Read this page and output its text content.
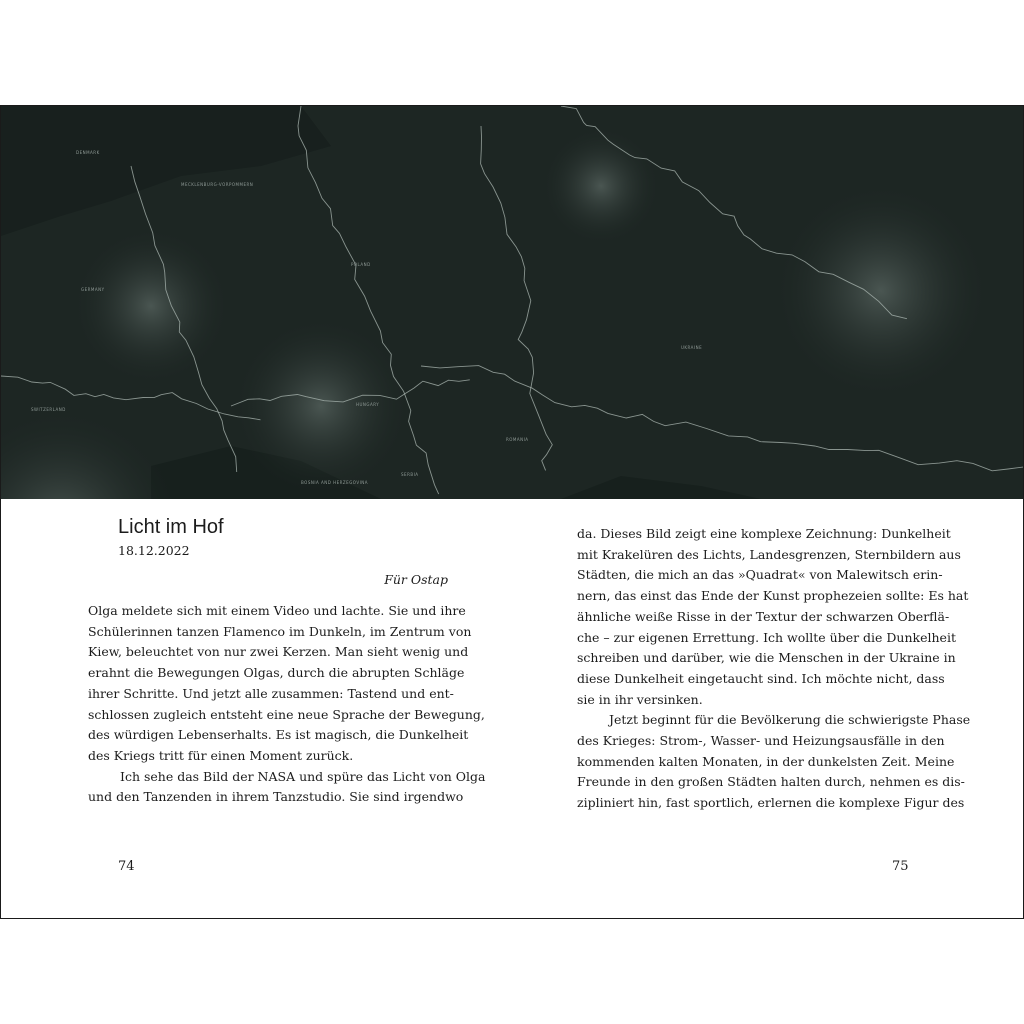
DENMARK
GERMANY
POLAND
UKRAINE
HUNGARY
ROMANIA
SWITZERLAND
MECKLENBURG-VORPOMMERN
BOSNIA AND HERZEGOVINA
SERBIA
Licht im Hof
18.12.2022
Für Ostap

Olga meldete sich mit einem Video und lachte. Sie und ihre
Schülerinnen tanzen Flamenco im Dunkeln, im Zentrum von
Kiew, beleuchtet von nur zwei Kerzen. Man sieht wenig und
erahnt die Bewegungen Olgas, durch die abrupten Schläge
ihrer Schritte. Und jetzt alle zusammen: Tastend und ent-
schlossen zugleich entsteht eine neue Sprache der Bewegung,
des würdigen Lebenserhalts. Es ist magisch, die Dunkelheit
des Kriegs tritt für einen Moment zurück.

Ich sehe das Bild der NASA und spüre das Licht von Olga
und den Tanzenden in ihrem Tanzstudio. Sie sind irgendwo

74

da. Dieses Bild zeigt eine komplexe Zeichnung: Dunkelheit
mit Krakelüren des Lichts, Landesgrenzen, Sternbildern aus
Städten, die mich an das »Quadrat« von Malewitsch erin-
nern, das einst das Ende der Kunst prophezeien sollte: Es hat
ähnliche weiße Risse in der Textur der schwarzen Oberflä-
che – zur eigenen Errettung. Ich wollte über die Dunkelheit
schreiben und darüber, wie die Menschen in der Ukraine in
diese Dunkelheit eingetaucht sind. Ich möchte nicht, dass
sie in ihr versinken.

Jetzt beginnt für die Bevölkerung die schwierigste Phase
des Krieges: Strom-, Wasser- und Heizungsausfälle in den
kommenden kalten Monaten, in der dunkelsten Zeit. Meine
Freunde in den großen Städten halten durch, nehmen es dis-
zipliniert hin, fast sportlich, erlernen die komplexe Figur des

75
